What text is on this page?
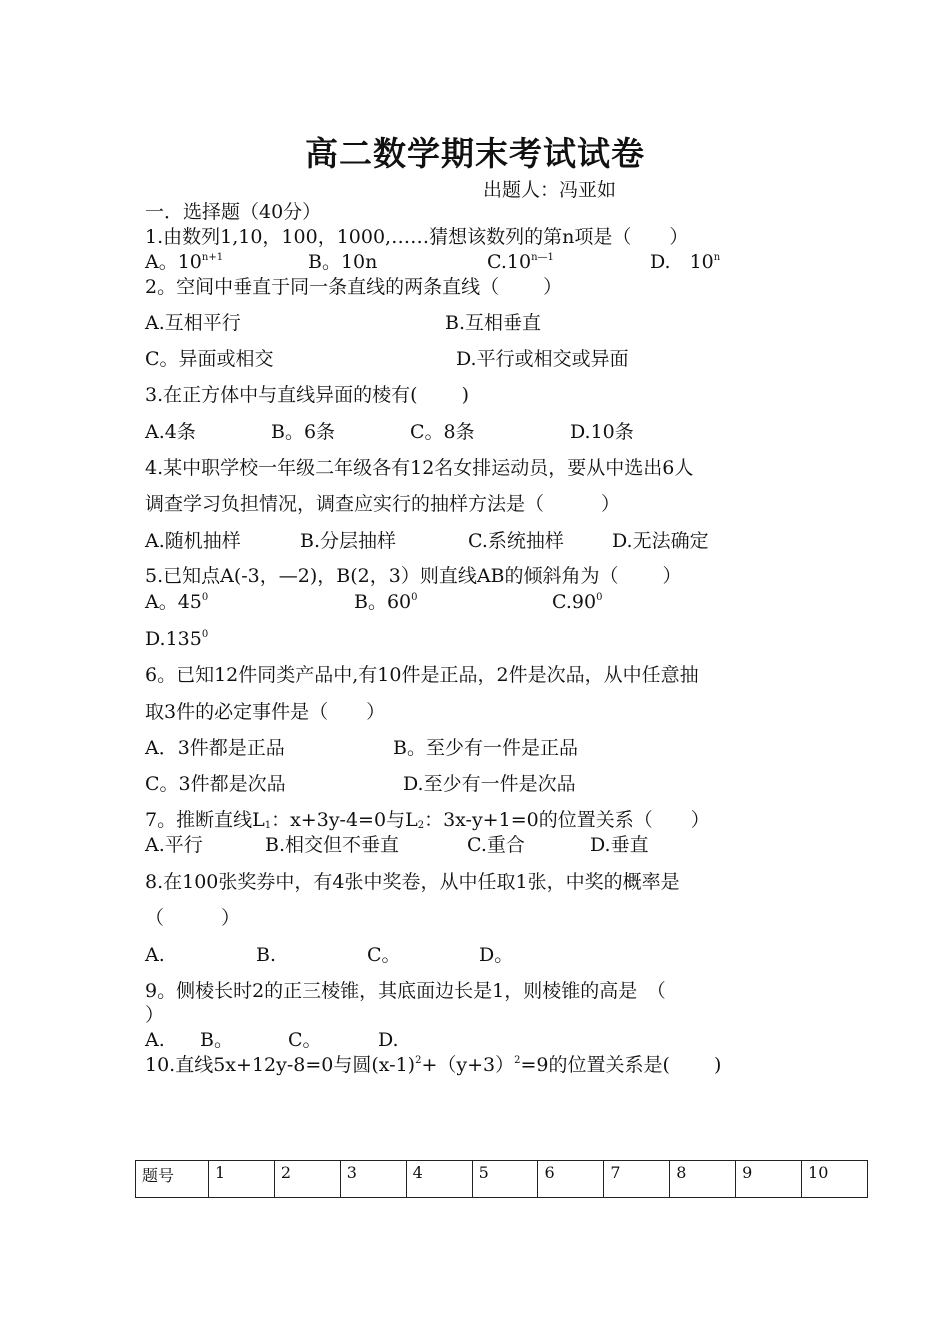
高二数学期末考试试卷
出题人：冯亚如
一．选择题（40分）
1.由数列1,10，100，1000,……猜想该数列的第n项是（　　）
A。$10^{n+1}$	B。10n	$C.10^{n—1}$	D.　10$^n$
2。空间中垂直于同一条直线的两条直线（　　 ）
A.互相平行	B.互相垂直
C。异面或相交	D.平行或相交或异面
3.在正方体中与直线异面的棱有(　　 )
A.4条	B。6条	C。8条	D.10条
4.某中职学校一年级二年级各有12名女排运动员，要从中选出6人
调查学习负担情况，调查应实行的抽样方法是（　　　）
A.随机抽样	B.分层抽样	C.系统抽样	D.无法确定
5.已知点A(-3，—2)，B(2，3）则直线AB的倾斜角为（　　 ）
A。$45^0$	B。$60^0$	$C.90^0$
D.135$^0$
6。已知12件同类产品中,有10件是正品，2件是次品，从中任意抽
取3件的必定事件是（　　）
A．3件都是正品	B。至少有一件是正品
C。3件都是次品	D.至少有一件是次品
7。推断直线$L_1$：x+3y-4=0与$L_2$：3x-y+1=0的位置关系（　　）
A.平行	B.相交但不垂直	C.重合	D.垂直
8.在100张奖券中，有4张中奖卷，从中任取1张，中奖的概率是
（　　　）
A.	B.	C。	D。
9。侧棱长时2的正三棱锥，其底面边长是1，则棱锥的高是　（
）
A. B。	C。	D.
10.直线5x+12y-8=0与圆$(x-1)^2+(y+3)^2=9$的位置关系是(　　 )
题号	1	2	3	4	5	6	7	8	9	10
